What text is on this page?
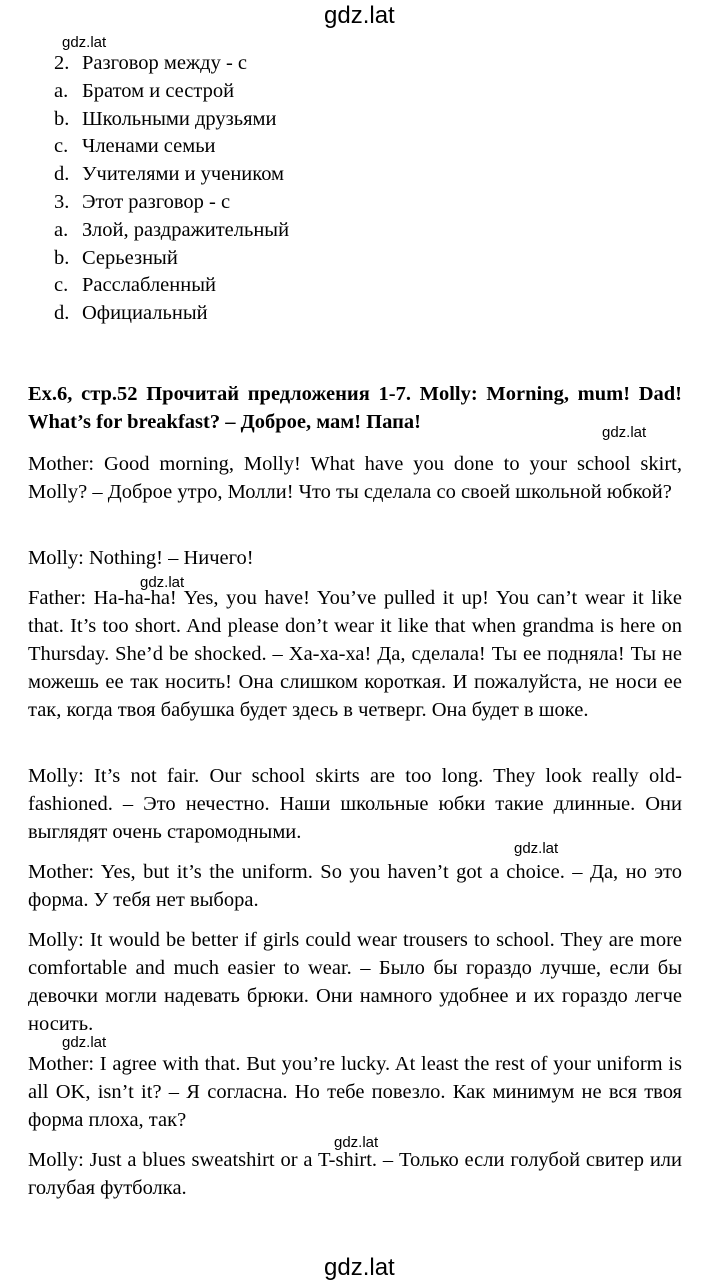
gdz.lat
gdz.lat
gdz.lat
gdz.lat
gdz.lat
gdz.lat
gdz.lat
gdz.lat
2. Разговор между - с
a. Братом и сестрой
b. Школьными друзьями
c. Членами семьи
d. Учителями и учеником
3. Этот разговор - с
a. Злой, раздражительный
b. Серьезный
c. Расслабленный
d. Официальный
Ex.6, стр.52 Прочитай предложения 1-7. Molly: Morning, mum! Dad! What’s for breakfast? – Доброе, мам! Папа!

Mother: Good morning, Molly! What have you done to your school skirt, Molly? – Доброе утро, Молли! Что ты сделала со своей школьной юбкой?

Molly: Nothing! – Ничего!

Father: Ha-ha-ha! Yes, you have! You’ve pulled it up! You can’t wear it like that. It’s too short. And please don’t wear it like that when grandma is here on Thursday. She’d be shocked. – Ха-ха-ха! Да, сделала! Ты ее подняла! Ты не можешь ее так носить! Она слишком короткая. И пожалуйста, не носи ее так, когда твоя бабушка будет здесь в четверг. Она будет в шоке.

Molly: It’s not fair. Our school skirts are too long. They look really old-fashioned. – Это нечестно. Наши школьные юбки такие длинные. Они выглядят очень старомодными.

Mother: Yes, but it’s the uniform. So you haven’t got a choice. – Да, но это форма. У тебя нет выбора.

Molly: It would be better if girls could wear trousers to school. They are more comfortable and much easier to wear. – Было бы гораздо лучше, если бы девочки могли надевать брюки. Они намного удобнее и их гораздо легче носить.

Mother: I agree with that. But you’re lucky. At least the rest of your uniform is all OK, isn’t it? – Я согласна. Но тебе повезло. Как минимум не вся твоя форма плоха, так?

Molly: Just a blues sweatshirt or a T-shirt. – Только если голубой свитер или голубая футболка.
